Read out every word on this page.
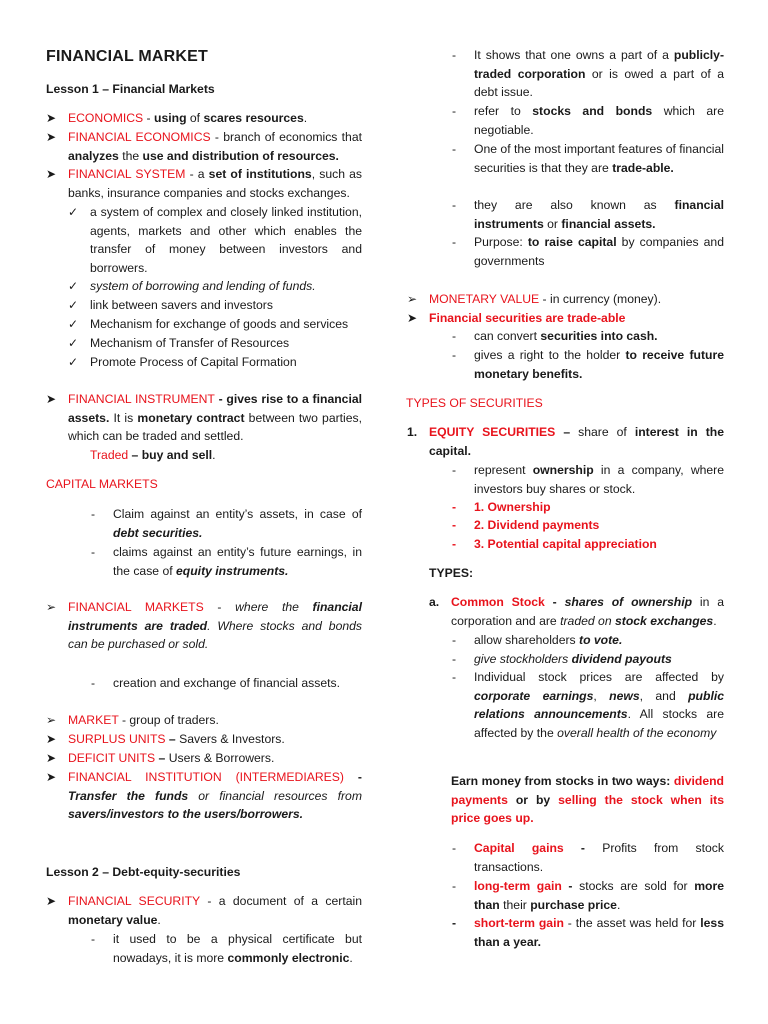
FINANCIAL MARKET
Lesson 1 – Financial Markets
➤ ECONOMICS - using of scares resources.
➤ FINANCIAL ECONOMICS - branch of economics that analyzes the use and distribution of resources.
➤ FINANCIAL SYSTEM - a set of institutions, such as banks, insurance companies and stocks exchanges.
✓ a system of complex and closely linked institution, agents, markets and other which enables the transfer of money between investors and borrowers.
✓ system of borrowing and lending of funds.
✓ link between savers and investors
✓ Mechanism for exchange of goods and services
✓ Mechanism of Transfer of Resources
✓ Promote Process of Capital Formation
➤ FINANCIAL INSTRUMENT - gives rise to a financial assets. It is monetary contract between two parties, which can be traded and settled.
Traded – buy and sell.
CAPITAL MARKETS
- Claim against an entity’s assets, in case of debt securities.
- claims against an entity’s future earnings, in the case of equity instruments.
➢ FINANCIAL MARKETS - where the financial instruments are traded. Where stocks and bonds can be purchased or sold.
- creation and exchange of financial assets.
➢ MARKET - group of traders.
➤ SURPLUS UNITS – Savers & Investors.
➤ DEFICIT UNITS – Users & Borrowers.
➤ FINANCIAL INSTITUTION (INTERMEDIARES) - Transfer the funds or financial resources from savers/investors to the users/borrowers.
Lesson 2 – Debt-equity-securities
➤ FINANCIAL SECURITY - a document of a certain monetary value.
- it used to be a physical certificate but nowadays, it is more commonly electronic.
- It shows that one owns a part of a publicly-traded corporation or is owed a part of a debt issue.
- refer to stocks and bonds which are negotiable.
- One of the most important features of financial securities is that they are trade-able.
- they are also known as financial instruments or financial assets.
- Purpose: to raise capital by companies and governments
➢ MONETARY VALUE - in currency (money).
➤ Financial securities are trade-able
- can convert securities into cash.
- gives a right to the holder to receive future monetary benefits.
TYPES OF SECURITIES
1. EQUITY SECURITIES – share of interest in the capital.
- represent ownership in a company, where investors buy shares or stock.
- 1. Ownership
- 2. Dividend payments
- 3. Potential capital appreciation
TYPES:
a. Common Stock - shares of ownership in a corporation and are traded on stock exchanges.
- allow shareholders to vote.
- give stockholders dividend payouts
- Individual stock prices are affected by corporate earnings, news, and public relations announcements. All stocks are affected by the overall health of the economy
Earn money from stocks in two ways: dividend payments or by selling the stock when its price goes up.
- Capital gains - Profits from stock transactions.
- long-term gain - stocks are sold for more than their purchase price.
- short-term gain - the asset was held for less than a year.
